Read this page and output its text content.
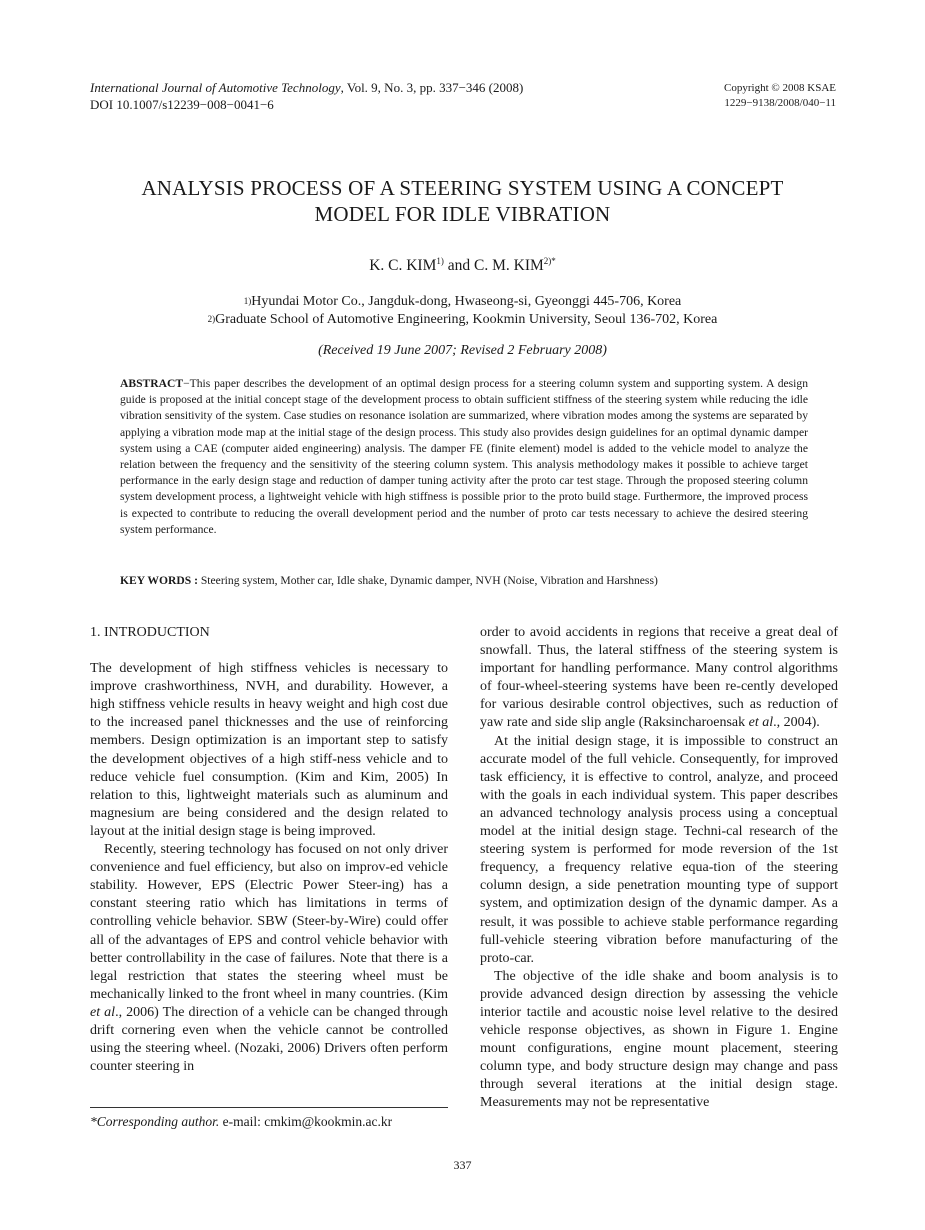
International Journal of Automotive Technology, Vol. 9, No. 3, pp. 337−346 (2008)
DOI 10.1007/s12239−008−0041−6
Copyright © 2008 KSAE
1229−9138/2008/040−11
ANALYSIS PROCESS OF A STEERING SYSTEM USING A CONCEPT
MODEL FOR IDLE VIBRATION
K. C. KIM$^{1)}$ and C. M. $KIM^{2)*}$
$^{1)}$Hyundai Motor Co., Jangduk-dong, Hwaseong-si, Gyeonggi 445-706, Korea
$^{2)}$Graduate School of Automotive Engineering, Kookmin University, Seoul 136-702, Korea
(Received 19 June 2007; Revised 2 February 2008)
ABSTRACT−This paper describes the development of an optimal design process for a steering column system and supporting system. A design guide is proposed at the initial concept stage of the development process to obtain sufficient stiffness of the steering system while reducing the idle vibration sensitivity of the system. Case studies on resonance isolation are summarized, where vibration modes among the systems are separated by applying a vibration mode map at the initial stage of the design process. This study also provides design guidelines for an optimal dynamic damper system using a CAE (computer aided engineering) analysis. The damper FE (finite element) model is added to the vehicle model to analyze the relation between the frequency and the sensitivity of the steering column system. This analysis methodology makes it possible to achieve target performance in the early design stage and reduction of damper tuning activity after the proto car test stage. Through the proposed steering column system development process, a lightweight vehicle with high stiffness is possible prior to the proto build stage. Furthermore, the improved process is expected to contribute to reducing the overall development period and the number of proto car tests necessary to achieve the desired steering system performance.
KEY WORDS : Steering system, Mother car, Idle shake, Dynamic damper, NVH (Noise, Vibration and Harshness)

1. INTRODUCTION

The development of high stiffness vehicles is necessary to improve crashworthiness, NVH, and durability. However, a high stiffness vehicle results in heavy weight and high cost due to the increased panel thicknesses and the use of reinforcing members. Design optimization is an important step to satisfy the development objectives of a high stiff-ness vehicle and to reduce vehicle fuel consumption. (Kim and Kim, 2005) In relation to this, lightweight materials such as aluminum and magnesium are being considered and the design related to layout at the initial design stage is being improved.

Recently, steering technology has focused on not only driver convenience and fuel efficiency, but also on improv-ed vehicle stability. However, EPS (Electric Power Steer-ing) has a constant steering ratio which has limitations in terms of controlling vehicle behavior. SBW (Steer-by-Wire) could offer all of the advantages of EPS and control vehicle behavior with better controllability in the case of failures. Note that there is a legal restriction that states the steering wheel must be mechanically linked to the front wheel in many countries. (Kim et al., 2006) The direction of a vehicle can be changed through drift cornering even when the vehicle cannot be controlled using the steering wheel. (Nozaki, 2006) Drivers often perform counter steering in

order to avoid accidents in regions that receive a great deal of snowfall. Thus, the lateral stiffness of the steering system is important for handling performance. Many control algorithms of four-wheel-steering systems have been re-cently developed for various desirable control objectives, such as reduction of yaw rate and side slip angle (Raksincharoensak et al., 2004).

At the initial design stage, it is impossible to construct an accurate model of the full vehicle. Consequently, for improved task efficiency, it is effective to control, analyze, and proceed with the goals in each individual system. This paper describes an advanced technology analysis process using a conceptual model at the initial design stage. Techni-cal research of the steering system is performed for mode reversion of the 1st frequency, a frequency relative equa-tion of the steering column design, a side penetration mounting type of support system, and optimization design of the dynamic damper. As a result, it was possible to achieve stable performance regarding full-vehicle steering vibration before manufacturing of the proto-car.

The objective of the idle shake and boom analysis is to provide advanced design direction by assessing the vehicle interior tactile and acoustic noise level relative to the desired vehicle response objectives, as shown in Figure 1. Engine mount configurations, engine mount placement, steering column type, and body structure design may change and pass through several iterations at the initial design stage. Measurements may not be representative

*Corresponding author. e-mail: cmkim@kookmin.ac.kr
337
